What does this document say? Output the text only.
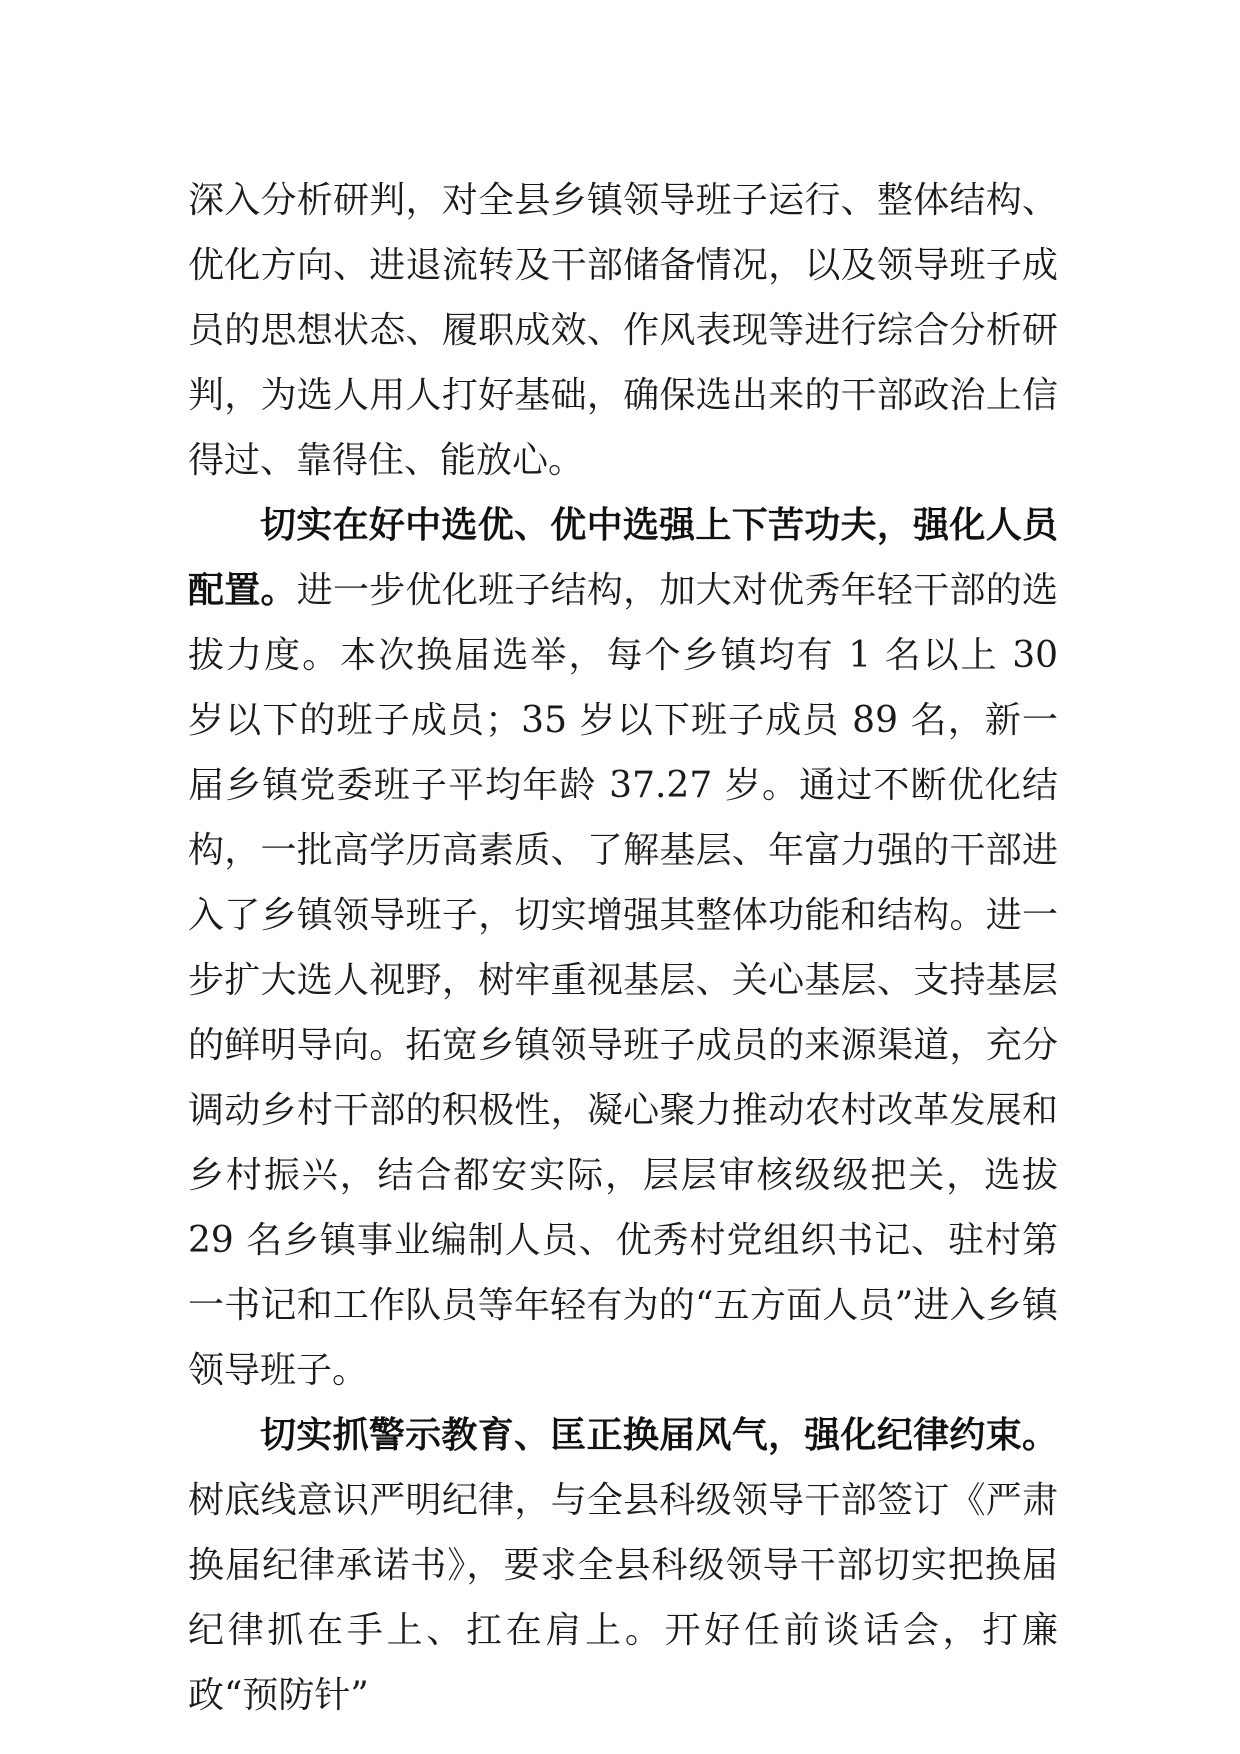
深入分析研判，对全县乡镇领导班子运行、整体结构、优化方向、进退流转及干部储备情况，以及领导班子成员的思想状态、履职成效、作风表现等进行综合分析研判，为选人用人打好基础，确保选出来的干部政治上信得过、靠得住、能放心。

切实在好中选优、优中选强上下苦功夫，强化人员配置。进一步优化班子结构，加大对优秀年轻干部的选拔力度。本次换届选举，每个乡镇均有 1 名以上 30 岁以下的班子成员；35 岁以下班子成员 89 名，新一届乡镇党委班子平均年龄 37.27 岁。通过不断优化结构，一批高学历高素质、了解基层、年富力强的干部进入了乡镇领导班子，切实增强其整体功能和结构。进一步扩大选人视野，树牢重视基层、关心基层、支持基层的鲜明导向。拓宽乡镇领导班子成员的来源渠道，充分调动乡村干部的积极性，凝心聚力推动农村改革发展和乡村振兴，结合都安实际，层层审核级级把关，选拔 29 名乡镇事业编制人员、优秀村党组织书记、驻村第一书记和工作队员等年轻有为的“五方面人员”进入乡镇领导班子。

切实抓警示教育、匡正换届风气，强化纪律约束。树底线意识严明纪律，与全县科级领导干部签订《严肃换届纪律承诺书》，要求全县科级领导干部切实把换届纪律抓在手上、扛在肩上。开好任前谈话会，打廉政“预防针”
